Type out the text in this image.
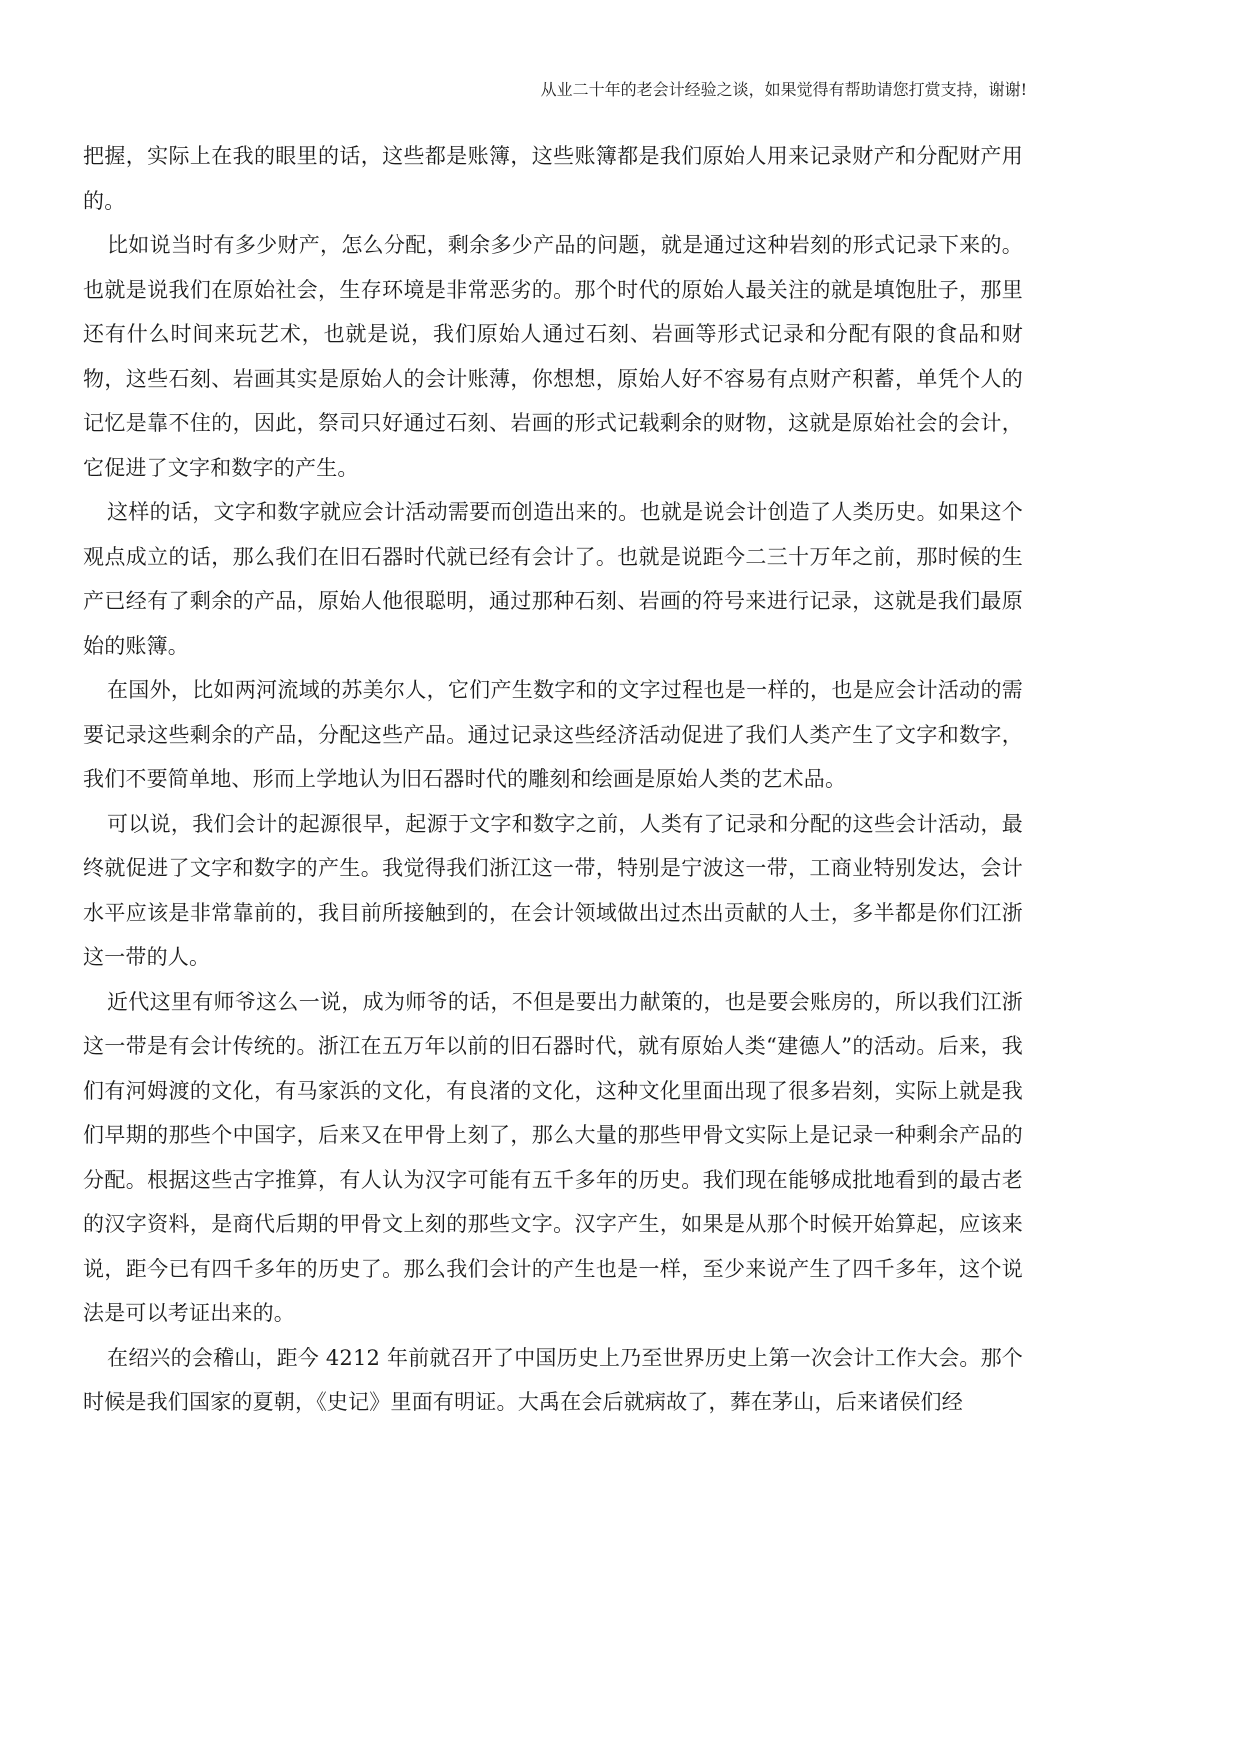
从业二十年的老会计经验之谈，如果觉得有帮助请您打赏支持，谢谢!

把握，实际上在我的眼里的话，这些都是账簿，这些账簿都是我们原始人用来记录财产和分配财产用的。

比如说当时有多少财产，怎么分配，剩余多少产品的问题，就是通过这种岩刻的形式记录下来的。也就是说我们在原始社会，生存环境是非常恶劣的。那个时代的原始人最关注的就是填饱肚子，那里还有什么时间来玩艺术，也就是说，我们原始人通过石刻、岩画等形式记录和分配有限的食品和财物，这些石刻、岩画其实是原始人的会计账薄，你想想，原始人好不容易有点财产积蓄，单凭个人的记忆是靠不住的，因此，祭司只好通过石刻、岩画的形式记载剩余的财物，这就是原始社会的会计，它促进了文字和数字的产生。

这样的话，文字和数字就应会计活动需要而创造出来的。也就是说会计创造了人类历史。如果这个观点成立的话，那么我们在旧石器时代就已经有会计了。也就是说距今二三十万年之前，那时候的生产已经有了剩余的产品，原始人他很聪明，通过那种石刻、岩画的符号来进行记录，这就是我们最原始的账簿。

在国外，比如两河流域的苏美尔人，它们产生数字和的文字过程也是一样的，也是应会计活动的需要记录这些剩余的产品，分配这些产品。通过记录这些经济活动促进了我们人类产生了文字和数字，我们不要简单地、形而上学地认为旧石器时代的雕刻和绘画是原始人类的艺术品。

可以说，我们会计的起源很早，起源于文字和数字之前，人类有了记录和分配的这些会计活动，最终就促进了文字和数字的产生。我觉得我们浙江这一带，特别是宁波这一带，工商业特别发达，会计水平应该是非常靠前的，我目前所接触到的，在会计领域做出过杰出贡献的人士，多半都是你们江浙这一带的人。

近代这里有师爷这么一说，成为师爷的话，不但是要出力献策的，也是要会账房的，所以我们江浙这一带是有会计传统的。浙江在五万年以前的旧石器时代，就有原始人类“建德人”的活动。后来，我们有河姆渡的文化，有马家浜的文化，有良渚的文化，这种文化里面出现了很多岩刻，实际上就是我们早期的那些个中国字，后来又在甲骨上刻了，那么大量的那些甲骨文实际上是记录一种剩余产品的分配。根据这些古字推算，有人认为汉字可能有五千多年的历史。我们现在能够成批地看到的最古老的汉字资料，是商代后期的甲骨文上刻的那些文字。汉字产生，如果是从那个时候开始算起，应该来说，距今已有四千多年的历史了。那么我们会计的产生也是一样，至少来说产生了四千多年，这个说法是可以考证出来的。

在绍兴的会稽山，距今 4212 年前就召开了中国历史上乃至世界历史上第一次会计工作大会。那个时候是我们国家的夏朝，《史记》里面有明证。大禹在会后就病故了，葬在茅山，后来诸侯们经
